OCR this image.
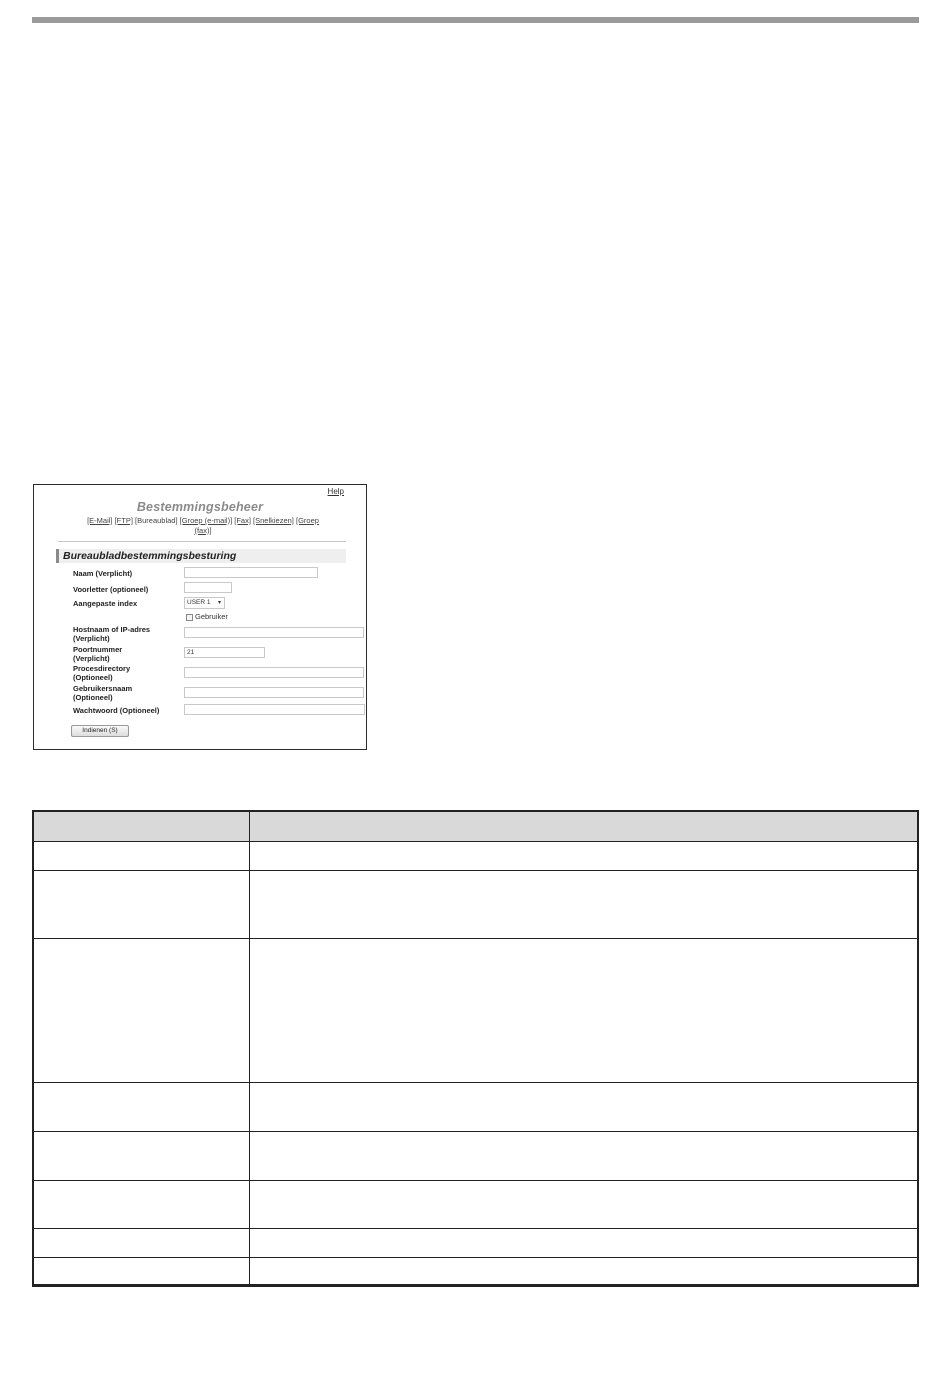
Help
Bestemmingsbeheer
[E-Mail] [FTP] [Bureaublad] [Groep (e-mail)] [Fax] [Snelkiezen] [Groep
(fax)]
Bureaubladbestemmingsbesturing
Naam (Verplicht)
Voorletter (optioneel)
Aangepaste index	USER 1 ▾
Gebruiker
Hostnaam of IP-adres
(Verplicht)
Poortnummer
(Verplicht)
21
Procesdirectory
(Optioneel)
Gebruikersnaam
(Optioneel)
Wachtwoord (Optioneel)
Indienen (S)
